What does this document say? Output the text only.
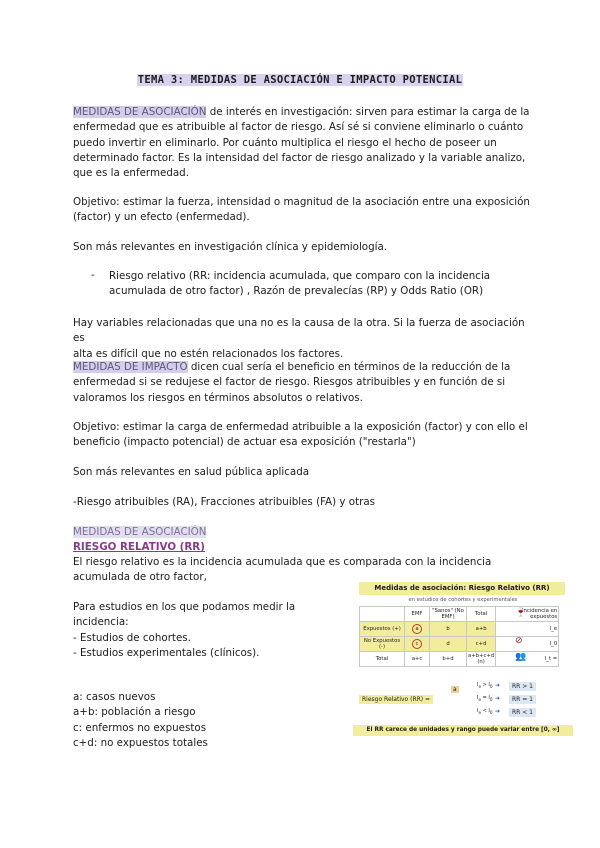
TEMA 3: MEDIDAS DE ASOCIACIÓN E IMPACTO POTENCIAL

MEDIDAS DE ASOCIACIÓN de interés en investigación: sirven para estimar la carga de la
enfermedad que es atribuible al factor de riesgo. Así sé si conviene eliminarlo o cuánto
puedo invertir en eliminarlo. Por cuánto multiplica el riesgo el hecho de poseer un
determinado factor. Es la intensidad del factor de riesgo analizado y la variable analizo,
que es la enfermedad.

Objetivo: estimar la fuerza, intensidad o magnitud de la asociación entre una exposición
(factor) y un efecto (enfermedad).

Son más relevantes en investigación clínica y epidemiología.

- Riesgo relativo (RR: incidencia acumulada, que comparo con la incidencia
acumulada de otro factor) , Razón de prevalecías (RP) y Odds Ratio (OR)

Hay variables relacionadas que una no es la causa de la otra. Si la fuerza de asociación es
alta es difícil que no estén relacionados los factores.

MEDIDAS DE IMPACTO dicen cual sería el beneficio en términos de la reducción de la
enfermedad si se redujese el factor de riesgo. Riesgos atribuibles y en función de si
valoramos los riesgos en términos absolutos o relativos.

Objetivo: estimar la carga de enfermedad atribuible a la exposición (factor) y con ello el
beneficio (impacto potencial) de actuar esa exposición ("restarla")

Son más relevantes en salud pública aplicada

-Riesgo atribuibles (RA), Fracciones atribuibles (FA) y otras

MEDIDAS DE ASOCIACIÓN

RIESGO RELATIVO (RR)

El riesgo relativo es la incidencia acumulada que es comparada con la incidencia
acumulada de otro factor,

Para estudios en los que podamos medir la
incidencia:
- Estudios de cohortes.
- Estudios experimentales (clínicos).

a: casos nuevos
a+b: población a riesgo
c: enfermos no expuestos
c+d: no expuestos totales

Medidas de asociación: Riesgo Relativo (RR)
en estudios de cohortes y experimentales
	EMF	"Sanos" (No EMF)	Total	Incidencia en expuestos
Expuestos (+)	a	b	a+b	I_e
No Expuestos (-)	c	d	c+d	I_0
Total	a+c	b+d	a+b+c+d (n)	I_t =
🍷
⊘
👥
Riesgo Relativo (RR) =
a
$I_e > I_0$
$I_e = I_0$
$I_e < I_0$
RR > 1
RR = 1
RR < 1
➜
➜
➜
El RR carece de unidades y rango puede variar entre [0, ∞]
